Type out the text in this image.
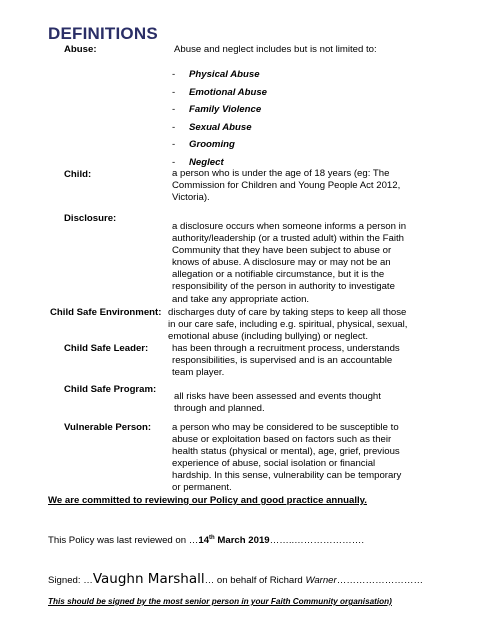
DEFINITIONS
Abuse:	Abuse and neglect includes but is not limited to:
- Physical Abuse
- Emotional Abuse
- Family Violence
- Sexual Abuse
- Grooming
- Neglect
Child:	a person who is under the age of 18 years (eg: The
Commission for Children and Young People Act 2012,
Victoria).
Disclosure:
a disclosure occurs when someone informs a person in
authority/leadership (or a trusted adult) within the Faith
Community that they have been subject to abuse or
knows of abuse. A disclosure may or may not be an
allegation or a notifiable circumstance, but it is the
responsibility of the person in authority to investigate
and take any appropriate action.
Child Safe Environment: discharges duty of care by taking steps to keep all those
in our care safe, including e.g. spiritual, physical, sexual,
emotional abuse (including bullying) or neglect.
Child Safe Leader: has been through a recruitment process, understands
responsibilities, is supervised and is an accountable
team player.
Child Safe Program:
all risks have been assessed and events thought
through and planned.
Vulnerable Person: a person who may be considered to be susceptible to
abuse or exploitation based on factors such as their
health status (physical or mental), age, grief, previous
experience of abuse, social isolation or financial
hardship. In this sense, vulnerability can be temporary
or permanent.
We are committed to reviewing our Policy and good practice annually.
This Policy was last reviewed on …14th March 2019……..………………….
Signed: …Vaughn Marshall… on behalf of Richard Warner………………………
This should be signed by the most senior person in your Faith Community organisation)
